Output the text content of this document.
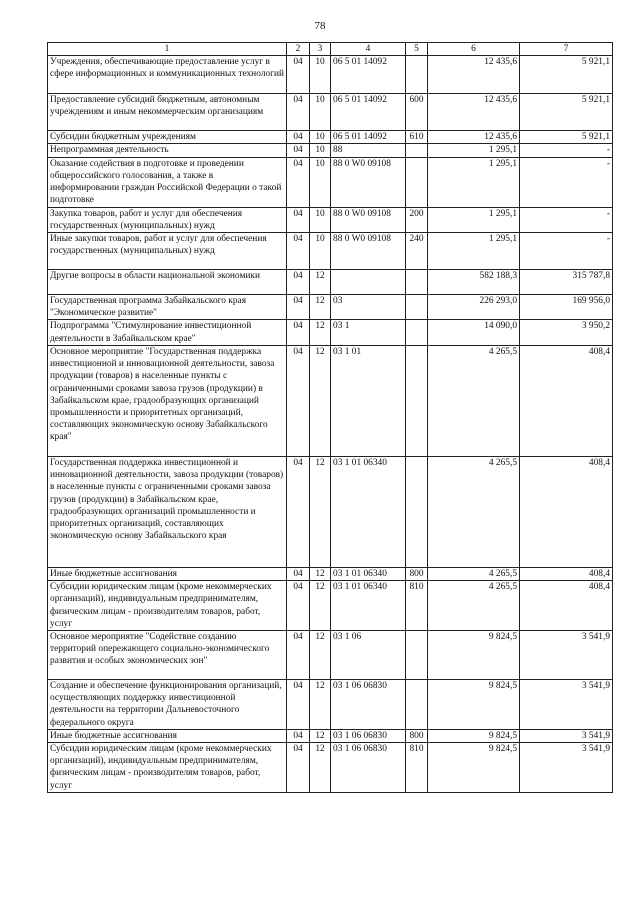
78
1	2	3	4	5	6	7
Учреждения, обеспечивающие предоставление услуг в сфере информационных и коммуникационных технологий	04	10	06 5 01 14092		12 435,6	5 921,1
Предоставление субсидий бюджетным, автономным учреждениям и иным некоммерческим организациям	04	10	06 5 01 14092	600	12 435,6	5 921,1
Субсидии бюджетным учреждениям	04	10	06 5 01 14092	610	12 435,6	5 921,1
Непрограммная деятельность	04	10	88		1 295,1	-
Оказание содействия в подготовке и проведении общероссийского голосования, а также в информировании граждан Российской Федерации о такой подготовке	04	10	88 0 W0 09108		1 295,1	-
Закупка товаров, работ и услуг для обеспечения государственных (муниципальных) нужд	04	10	88 0 W0 09108	200	1 295,1	-
Иные закупки товаров, работ и услуг для обеспечения государственных (муниципальных) нужд	04	10	88 0 W0 09108	240	1 295,1	-
Другие вопросы в области национальной экономики	04	12			582 188,3	315 787,8
Государственная программа Забайкальского края "Экономическое развитие"	04	12	03		226 293,0	169 956,0
Подпрограмма "Стимулирование инвестиционной деятельности в Забайкальском крае"	04	12	03 1		14 090,0	3 950,2
Основное мероприятие "Государственная поддержка инвестиционной и инновационной деятельности, завоза продукции (товаров) в населенные пункты с ограниченными сроками завоза грузов (продукции) в Забайкальском крае, градообразующих организаций промышленности и приоритетных организаций, составляющих экономическую основу Забайкальского края"	04	12	03 1 01		4 265,5	408,4
Государственная поддержка инвестиционной и инновационной деятельности, завоза продукции (товаров) в населенные пункты с ограниченными сроками завоза грузов (продукции) в Забайкальском крае, градообразующих организаций промышленности и приоритетных организаций, составляющих экономическую основу Забайкальского края	04	12	03 1 01 06340		4 265,5	408,4
Иные бюджетные ассигнования	04	12	03 1 01 06340	800	4 265,5	408,4
Субсидии юридическим лицам (кроме некоммерческих организаций), индивидуальным предпринимателям, физическим лицам - производителям товаров, работ, услуг	04	12	03 1 01 06340	810	4 265,5	408,4
Основное мероприятие "Содействие созданию территорий опережающего социально-экономического развития и особых экономических зон"	04	12	03 1 06		9 824,5	3 541,9
Создание и обеспечение функционирования организаций, осуществляющих поддержку инвестиционной деятельности на территории Дальневосточного федерального округа	04	12	03 1 06 06830		9 824,5	3 541,9
Иные бюджетные ассигнования	04	12	03 1 06 06830	800	9 824,5	3 541,9
Субсидии юридическим лицам (кроме некоммерческих организаций), индивидуальным предпринимателям, физическим лицам - производителям товаров, работ, услуг	04	12	03 1 06 06830	810	9 824,5	3 541,9
